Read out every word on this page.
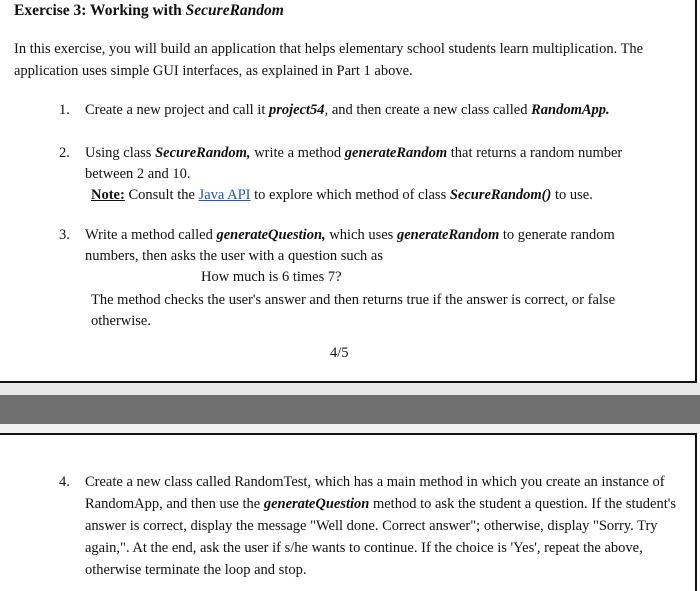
Exercise 3: Working with SecureRandom

In this exercise, you will build an application that helps elementary school students learn multiplication. The application uses simple GUI interfaces, as explained in Part 1 above.

1.	Create a new project and call it project54, and then create a new class called RandomApp.
2.	Using class SecureRandom, write a method generateRandom that returns a random number between 2 and 10.
Note: Consult the Java API to explore which method of class SecureRandom() to use.
3.	Write a method called generateQuestion, which uses generateRandom to generate random numbers, then asks the user with a question such as
How much is 6 times 7?
The method checks the user's answer and then returns true if the answer is correct, or false otherwise.

4/5

4.	Create a new class called RandomTest, which has a main method in which you create an instance of RandomApp, and then use the generateQuestion method to ask the student a question. If the student's answer is correct, display the message "Well done. Correct answer"; otherwise, display "Sorry. Try again,". At the end, ask the user if s/he wants to continue. If the choice is 'Yes', repeat the above, otherwise terminate the loop and stop.
